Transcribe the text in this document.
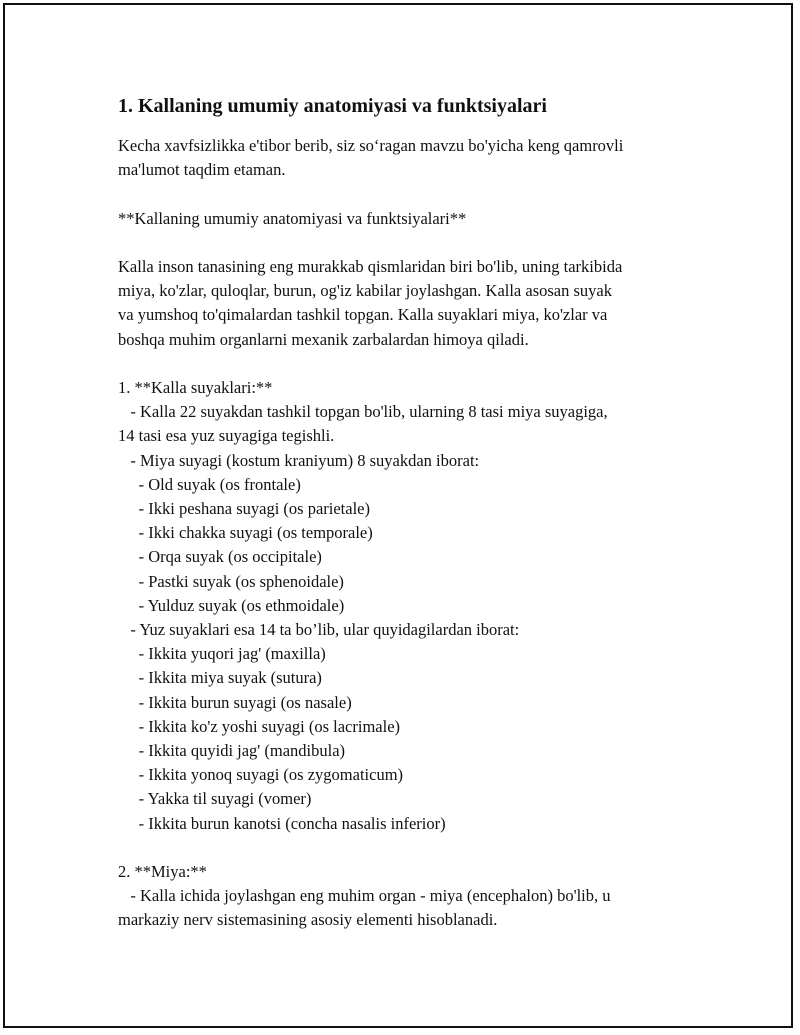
1. Kallaning umumiy anatomiyasi va funktsiyalari
Kecha xavfsizlikka e'tibor berib, siz so‘ragan mavzu bo'yicha keng qamrovli
ma'lumot taqdim etaman.
**Kallaning umumiy anatomiyasi va funktsiyalari**
Kalla inson tanasining eng murakkab qismlaridan biri bo'lib, uning tarkibida
miya, ko'zlar, quloqlar, burun, og'iz kabilar joylashgan. Kalla asosan suyak
va yumshoq to'qimalardan tashkil topgan. Kalla suyaklari miya, ko'zlar va
boshqa muhim organlarni mexanik zarbalardan himoya qiladi.
1. **Kalla suyaklari:**
- Kalla 22 suyakdan tashkil topgan bo'lib, ularning 8 tasi miya suyagiga,
14 tasi esa yuz suyagiga tegishli.
- Miya suyagi (kostum kraniyum) 8 suyakdan iborat:
- Old suyak (os frontale)
- Ikki peshana suyagi (os parietale)
- Ikki chakka suyagi (os temporale)
- Orqa suyak (os occipitale)
- Pastki suyak (os sphenoidale)
- Yulduz suyak (os ethmoidale)
- Yuz suyaklari esa 14 ta bo’lib, ular quyidagilardan iborat:
- Ikkita yuqori jag' (maxilla)
- Ikkita miya suyak (sutura)
- Ikkita burun suyagi (os nasale)
- Ikkita ko'z yoshi suyagi (os lacrimale)
- Ikkita quyidi jag' (mandibula)
- Ikkita yonoq suyagi (os zygomaticum)
- Yakka til suyagi (vomer)
- Ikkita burun kanotsi (concha nasalis inferior)
2. **Miya:**
- Kalla ichida joylashgan eng muhim organ - miya (encephalon) bo'lib, u
markaziy nerv sistemasining asosiy elementi hisoblanadi.
